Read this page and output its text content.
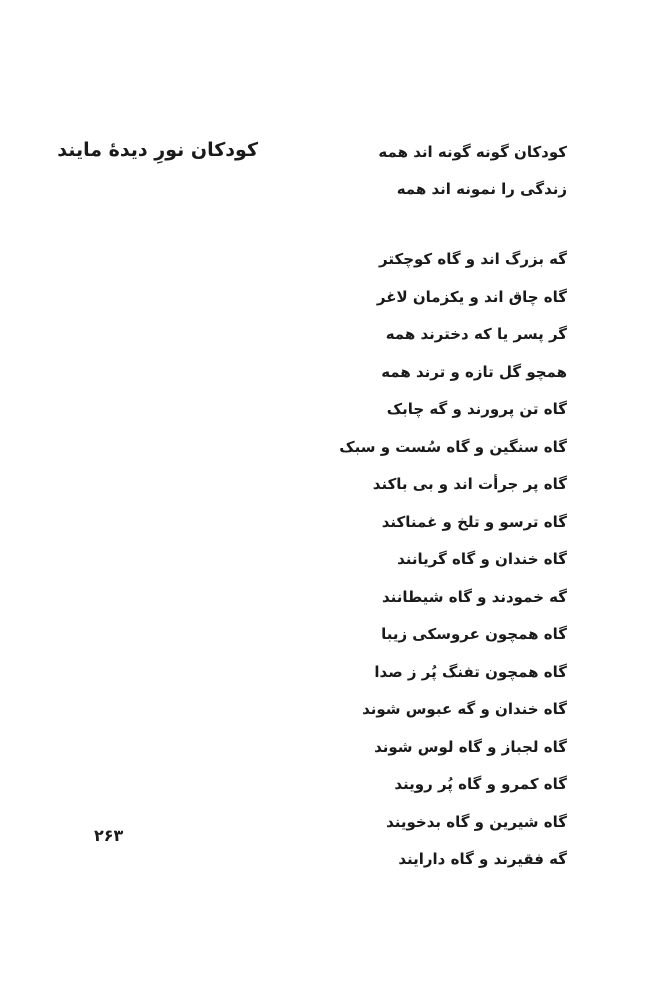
کودکان نورِ دیدهٔ مایند	کودکان گونه گونه اند همه
زندگی را نمونه اند همه
گه بزرگ اند و گاه کوچکتر
گاه چاق اند و یکزمان لاغر
گر پسر یا که دخترند همه
همچو گل تازه و ترند همه
گاه تن پرورند و گه چابک
گاه سنگین و گاه سُست و سبک
گاه پر جرأت اند و بی باکند
گاه ترسو و تلخ و غمناکند
گاه خندان و گاه گریانند
گه خمودند و گاه شیطانند
گاه همچون عروسکی زیبا
گاه همچون تفنگ پُر ز صدا
گاه خندان و گه عبوس شوند
گاه لجباز و گاه لوس شوند
گاه کمرو و گاه پُر رویند
گاه شیرین و گاه بدخویند
گه فقیرند و گاه دارایند
۲۶۳
